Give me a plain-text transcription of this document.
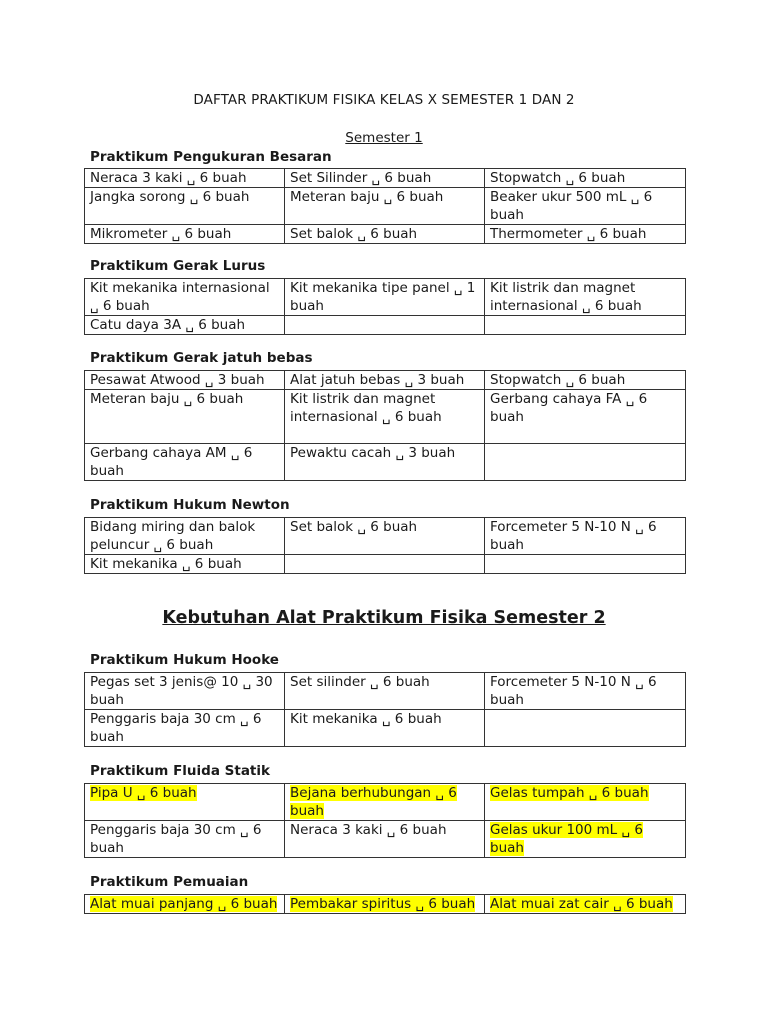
DAFTAR PRAKTIKUM FISIKA KELAS X SEMESTER 1 DAN 2
Semester 1
Praktikum Pengukuran Besaran
Neraca 3 kaki ␣ 6 buah	Set Silinder ␣ 6 buah	Stopwatch ␣ 6 buah
Jangka sorong ␣ 6 buah	Meteran baju ␣ 6 buah	Beaker ukur 500 mL ␣ 6 buah
Mikrometer ␣ 6 buah	Set balok ␣ 6 buah	Thermometer ␣ 6 buah
Praktikum Gerak Lurus
Kit mekanika internasional ␣ 6 buah	Kit mekanika tipe panel ␣ 1 buah	Kit listrik dan magnet internasional ␣ 6 buah
Catu daya 3A ␣ 6 buah		
Praktikum Gerak jatuh bebas
Pesawat Atwood ␣ 3 buah	Alat jatuh bebas ␣ 3 buah	Stopwatch ␣ 6 buah
Meteran baju ␣ 6 buah	Kit listrik dan magnet internasional ␣ 6 buah	Gerbang cahaya FA ␣ 6 buah
Gerbang cahaya AM ␣ 6 buah	Pewaktu cacah ␣ 3 buah	
Praktikum Hukum Newton
Bidang miring dan balok peluncur ␣ 6 buah	Set balok ␣ 6 buah	Forcemeter 5 N-10 N ␣ 6 buah
Kit mekanika ␣ 6 buah		
Kebutuhan Alat Praktikum Fisika Semester 2
Praktikum Hukum Hooke
Pegas set 3 jenis@ 10 ␣ 30 buah	Set silinder ␣ 6 buah	Forcemeter 5 N-10 N ␣ 6 buah
Penggaris baja 30 cm ␣ 6 buah	Kit mekanika ␣ 6 buah	
Praktikum Fluida Statik
Pipa U ␣ 6 buah	Bejana berhubungan ␣ 6 buah	Gelas tumpah ␣ 6 buah
Penggaris baja 30 cm ␣ 6 buah	Neraca 3 kaki ␣ 6 buah	Gelas ukur 100 mL ␣ 6 buah
Praktikum Pemuaian
Alat muai panjang ␣ 6 buah	Pembakar spiritus ␣ 6 buah	Alat muai zat cair ␣ 6 buah
